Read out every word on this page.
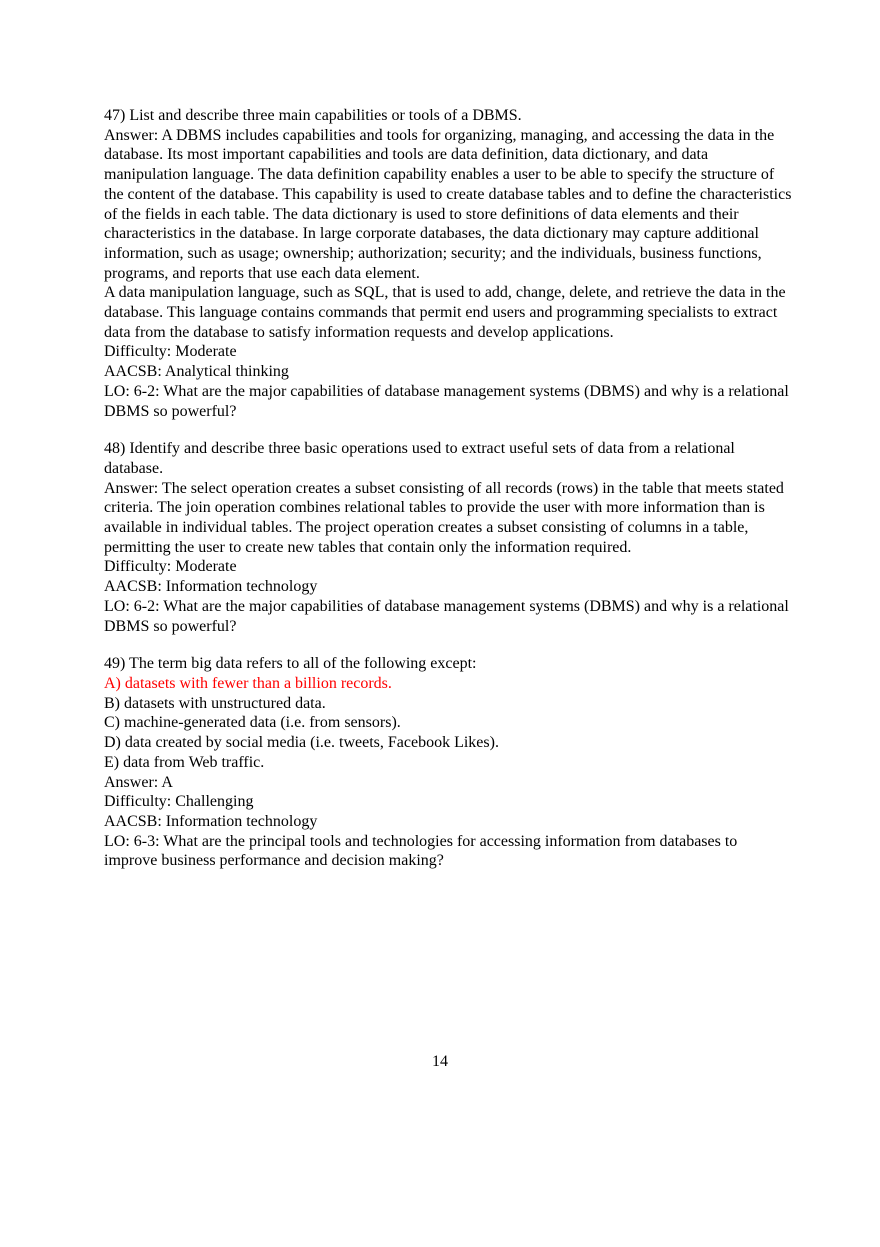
47) List and describe three main capabilities or tools of a DBMS.
Answer: A DBMS includes capabilities and tools for organizing, managing, and accessing the data in the database. Its most important capabilities and tools are data definition, data dictionary, and data manipulation language. The data definition capability enables a user to be able to specify the structure of the content of the database. This capability is used to create database tables and to define the characteristics of the fields in each table. The data dictionary is used to store definitions of data elements and their characteristics in the database. In large corporate databases, the data dictionary may capture additional information, such as usage; ownership; authorization; security; and the individuals, business functions, programs, and reports that use each data element.
A data manipulation language, such as SQL, that is used to add, change, delete, and retrieve the data in the database. This language contains commands that permit end users and programming specialists to extract data from the database to satisfy information requests and develop applications.
Difficulty: Moderate
AACSB: Analytical thinking
LO: 6-2: What are the major capabilities of database management systems (DBMS) and why is a relational DBMS so powerful?
48) Identify and describe three basic operations used to extract useful sets of data from a relational database.
Answer: The select operation creates a subset consisting of all records (rows) in the table that meets stated criteria. The join operation combines relational tables to provide the user with more information than is available in individual tables. The project operation creates a subset consisting of columns in a table, permitting the user to create new tables that contain only the information required.
Difficulty: Moderate
AACSB: Information technology
LO: 6-2: What are the major capabilities of database management systems (DBMS) and why is a relational DBMS so powerful?
49) The term big data refers to all of the following except:
A) datasets with fewer than a billion records.
B) datasets with unstructured data.
C) machine-generated data (i.e. from sensors).
D) data created by social media (i.e. tweets, Facebook Likes).
E) data from Web traffic.
Answer: A
Difficulty: Challenging
AACSB: Information technology
LO: 6-3: What are the principal tools and technologies for accessing information from databases to improve business performance and decision making?
14
